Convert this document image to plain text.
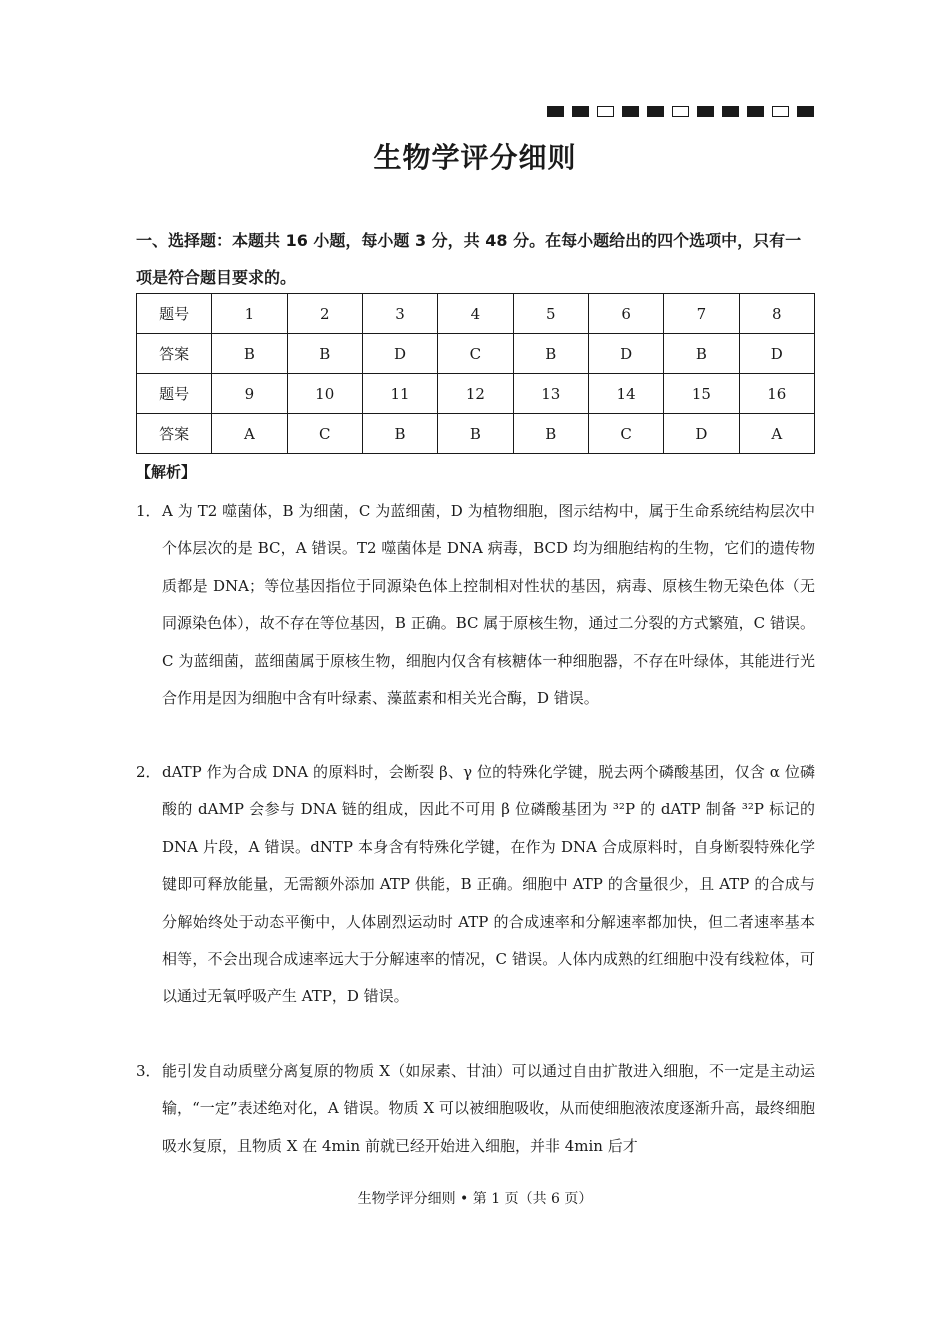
生物学评分细则
一、选择题：本题共 16 小题，每小题 3 分，共 48 分。在每小题给出的四个选项中，只有一项是符合题目要求的。
题号	1	2	3	4	5	6	7	8
答案	B	B	D	C	B	D	B	D
题号	9	10	11	12	13	14	15	16
答案	A	C	B	B	B	C	D	A
【解析】
1． A 为 T2 噬菌体，B 为细菌，C 为蓝细菌，D 为植物细胞，图示结构中，属于生命系统结构层次中个体层次的是 BC，A 错误。T2 噬菌体是 DNA 病毒，BCD 均为细胞结构的生物，它们的遗传物质都是 DNA；等位基因指位于同源染色体上控制相对性状的基因，病毒、原核生物无染色体（无同源染色体），故不存在等位基因，B 正确。BC 属于原核生物，通过二分裂的方式繁殖，C 错误。C 为蓝细菌，蓝细菌属于原核生物，细胞内仅含有核糖体一种细胞器，不存在叶绿体，其能进行光合作用是因为细胞中含有叶绿素、藻蓝素和相关光合酶，D 错误。
2． dATP 作为合成 DNA 的原料时，会断裂 β、γ 位的特殊化学键，脱去两个磷酸基团，仅含 α 位磷酸的 dAMP 会参与 DNA 链的组成，因此不可用 β 位磷酸基团为 ³²P 的 dATP 制备 ³²P 标记的 DNA 片段，A 错误。dNTP 本身含有特殊化学键，在作为 DNA 合成原料时，自身断裂特殊化学键即可释放能量，无需额外添加 ATP 供能，B 正确。细胞中 ATP 的含量很少，且 ATP 的合成与分解始终处于动态平衡中，人体剧烈运动时 ATP 的合成速率和分解速率都加快，但二者速率基本相等，不会出现合成速率远大于分解速率的情况，C 错误。人体内成熟的红细胞中没有线粒体，可以通过无氧呼吸产生 ATP，D 错误。
3． 能引发自动质壁分离复原的物质 X（如尿素、甘油）可以通过自由扩散进入细胞，不一定是主动运输，“一定”表述绝对化，A 错误。物质 X 可以被细胞吸收，从而使细胞液浓度逐渐升高，最终细胞吸水复原，且物质 X 在 4min 前就已经开始进入细胞，并非 4min 后才
生物学评分细则 • 第 1 页（共 6 页）
